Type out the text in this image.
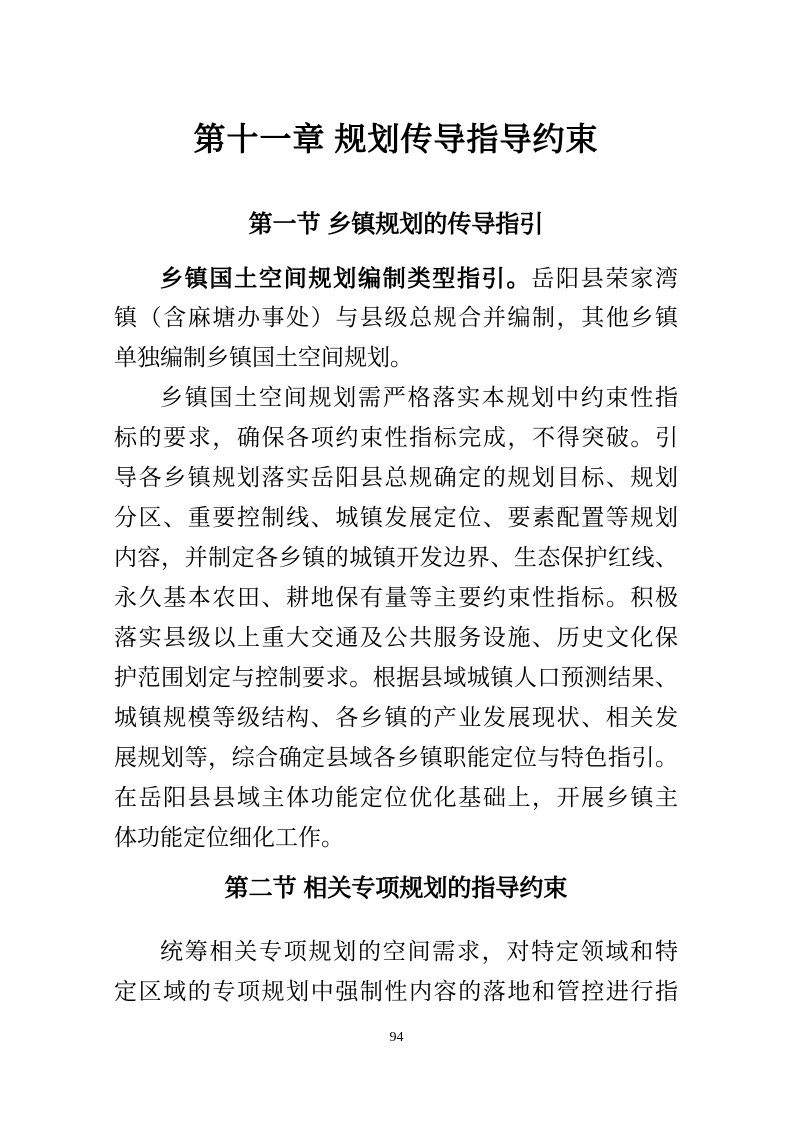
第十一章 规划传导指导约束
第一节 乡镇规划的传导指引
乡镇国土空间规划编制类型指引。岳阳县荣家湾
镇（含麻塘办事处）与县级总规合并编制，其他乡镇
单独编制乡镇国土空间规划。
乡镇国土空间规划需严格落实本规划中约束性指
标的要求，确保各项约束性指标完成，不得突破。引
导各乡镇规划落实岳阳县总规确定的规划目标、规划
分区、重要控制线、城镇发展定位、要素配置等规划
内容，并制定各乡镇的城镇开发边界、生态保护红线、
永久基本农田、耕地保有量等主要约束性指标。积极
落实县级以上重大交通及公共服务设施、历史文化保
护范围划定与控制要求。根据县域城镇人口预测结果、
城镇规模等级结构、各乡镇的产业发展现状、相关发
展规划等，综合确定县域各乡镇职能定位与特色指引。
在岳阳县县域主体功能定位优化基础上，开展乡镇主
体功能定位细化工作。
第二节 相关专项规划的指导约束
统筹相关专项规划的空间需求，对特定领域和特
定区域的专项规划中强制性内容的落地和管控进行指
94
